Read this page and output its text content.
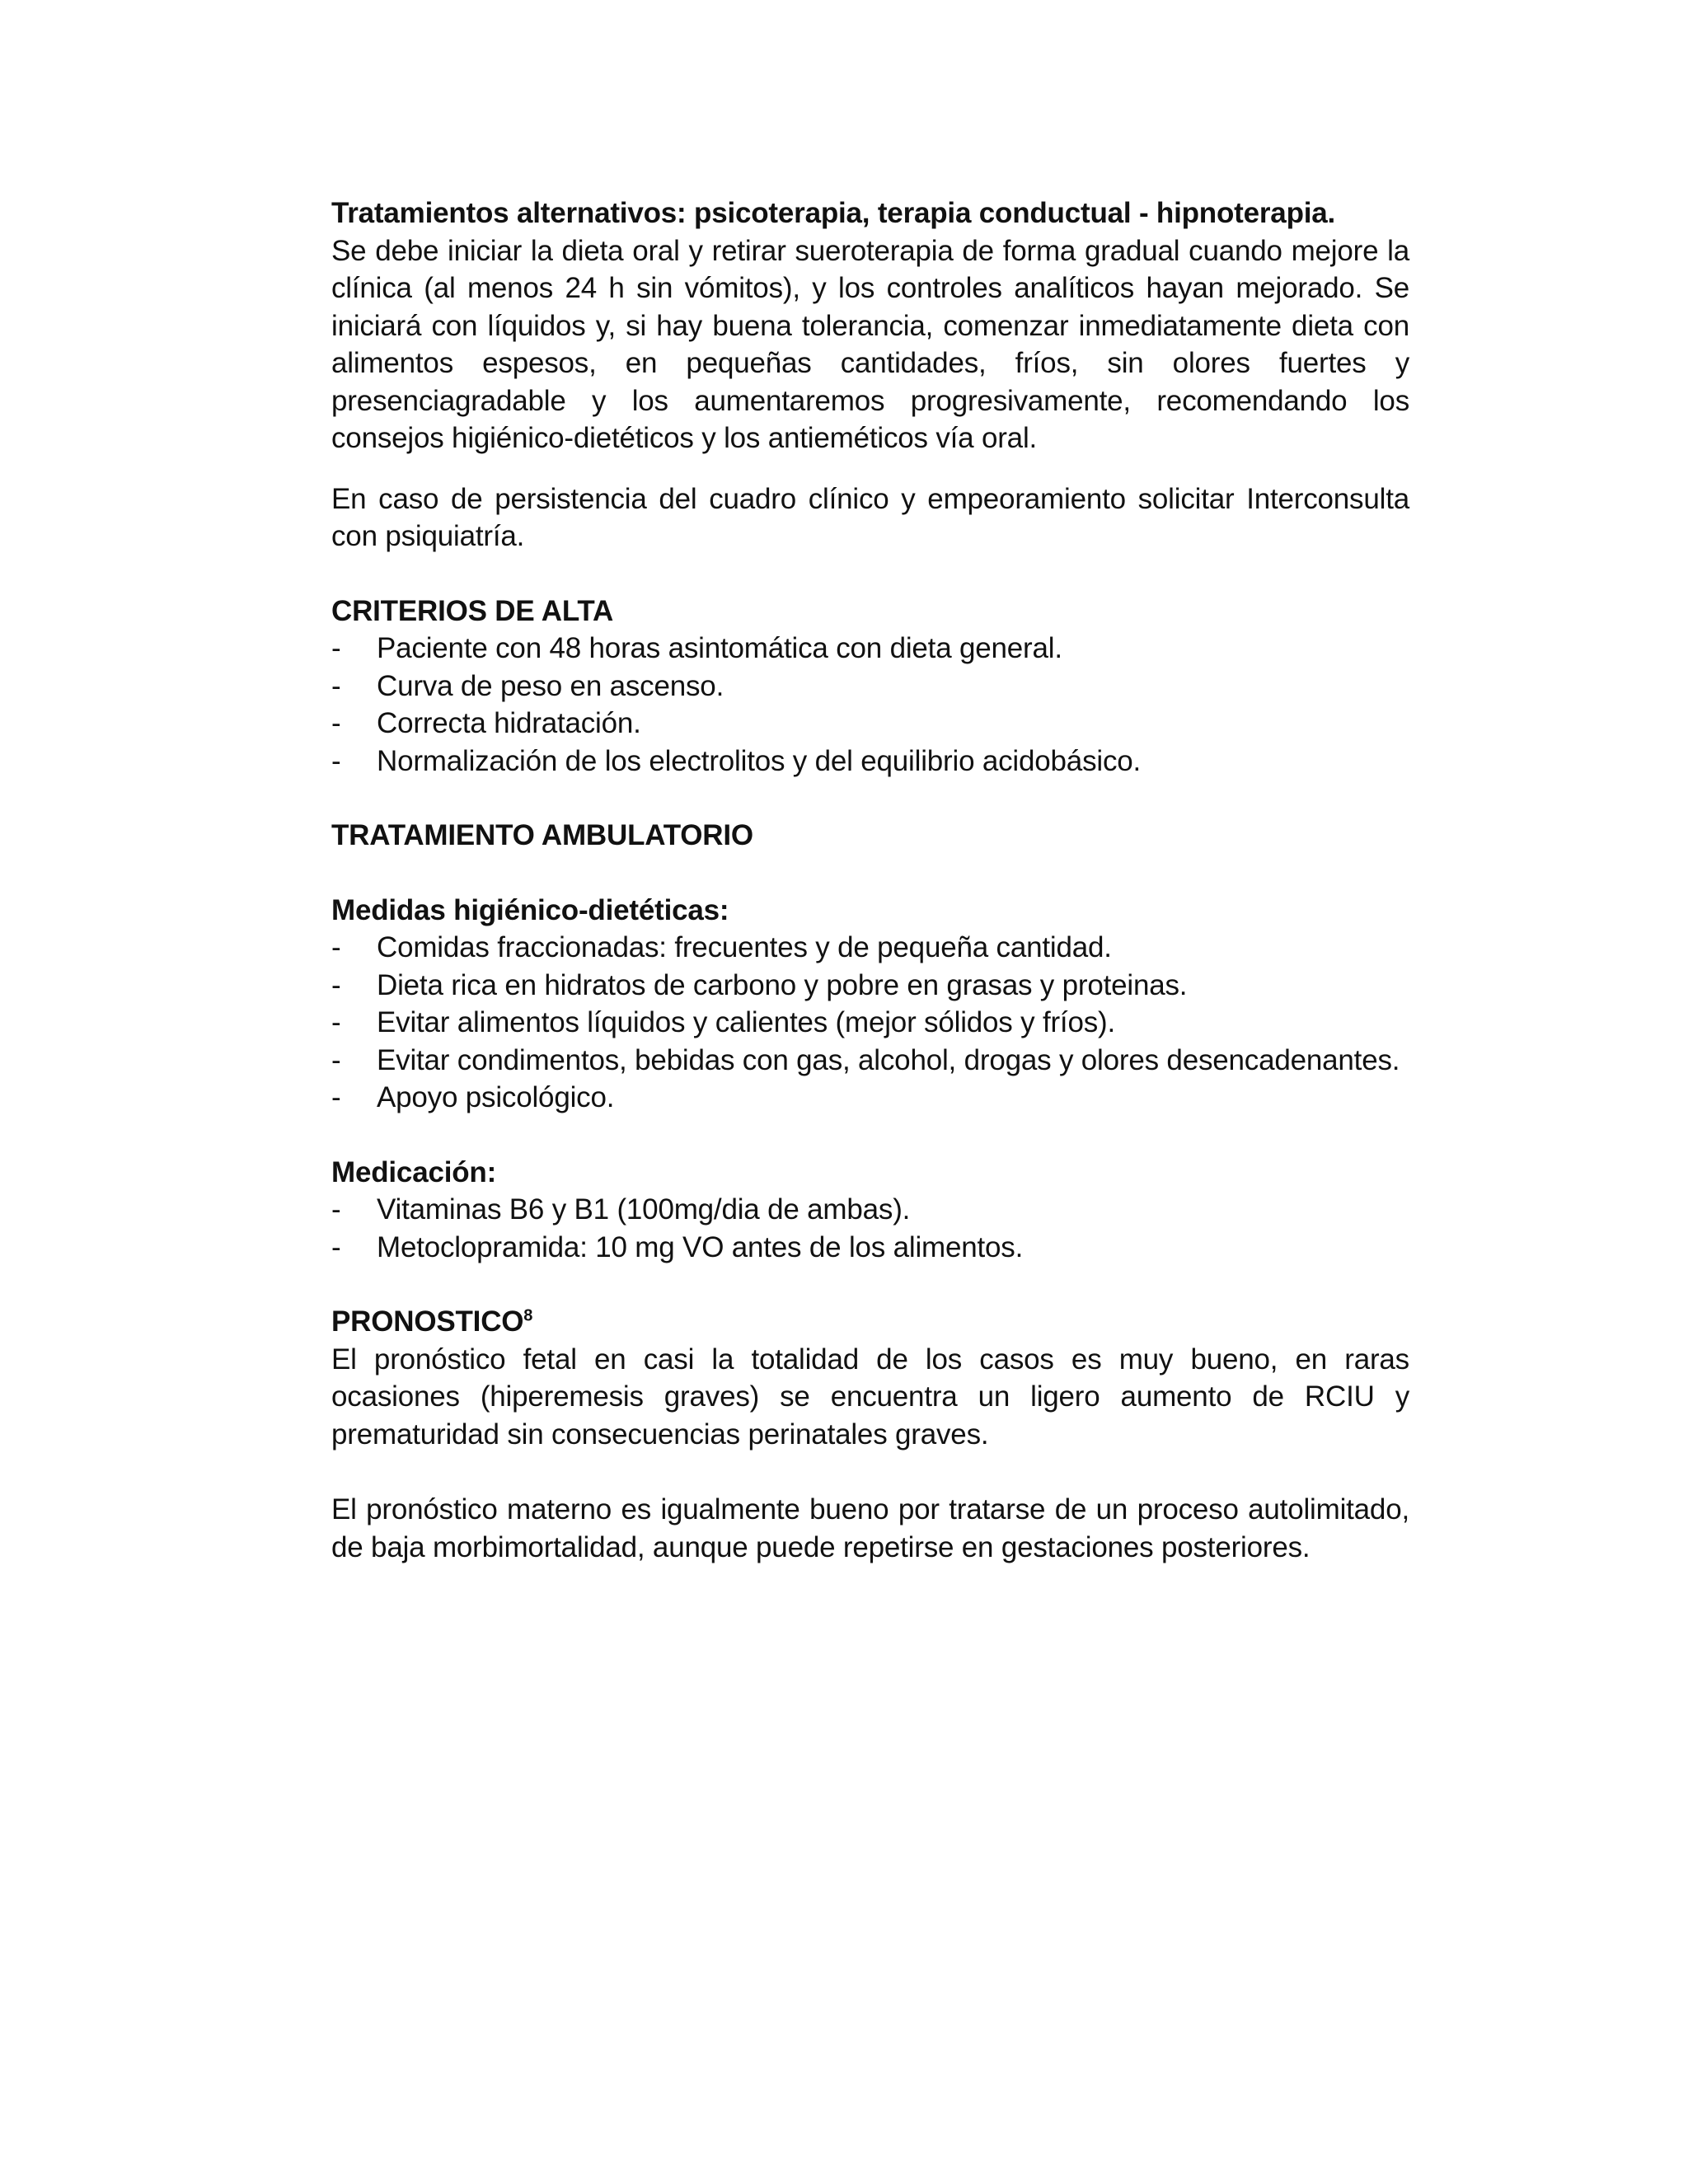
Tratamientos alternativos: psicoterapia, terapia conductual - hipnoterapia.

Se debe iniciar la dieta oral y retirar sueroterapia de forma gradual cuando mejore la clínica (al menos 24 h sin vómitos), y los controles analíticos hayan mejorado. Se iniciará con líquidos y, si hay buena tolerancia, comenzar inmediatamente dieta con alimentos espesos, en pequeñas cantidades, fríos, sin olores fuertes y presenciagradable y los aumentaremos progresivamente, recomendando los consejos higiénico-dietéticos y los antieméticos vía oral.

En caso de persistencia del cuadro clínico y empeoramiento solicitar Interconsulta con psiquiatría.

CRITERIOS DE ALTA

- Paciente con 48 horas asintomática con dieta general.
- Curva de peso en ascenso.
- Correcta hidratación.
- Normalización de los electrolitos y del equilibrio acidobásico.

TRATAMIENTO AMBULATORIO

Medidas higiénico-dietéticas:

- Comidas fraccionadas: frecuentes y de pequeña cantidad.
- Dieta rica en hidratos de carbono y pobre en grasas y proteinas.
- Evitar alimentos líquidos y calientes (mejor sólidos y fríos).
- Evitar condimentos, bebidas con gas, alcohol, drogas y olores desencadenantes.
- Apoyo psicológico.

Medicación:

- Vitaminas B6 y B1 (100mg/dia de ambas).
- Metoclopramida: 10 mg VO antes de los alimentos.

PRONOSTICO$^8$

El pronóstico fetal en casi la totalidad de los casos es muy bueno, en raras ocasiones (hiperemesis graves) se encuentra un ligero aumento de RCIU y prematuridad sin consecuencias perinatales graves.

El pronóstico materno es igualmente bueno por tratarse de un proceso autolimitado, de baja morbimortalidad, aunque puede repetirse en gestaciones posteriores.
